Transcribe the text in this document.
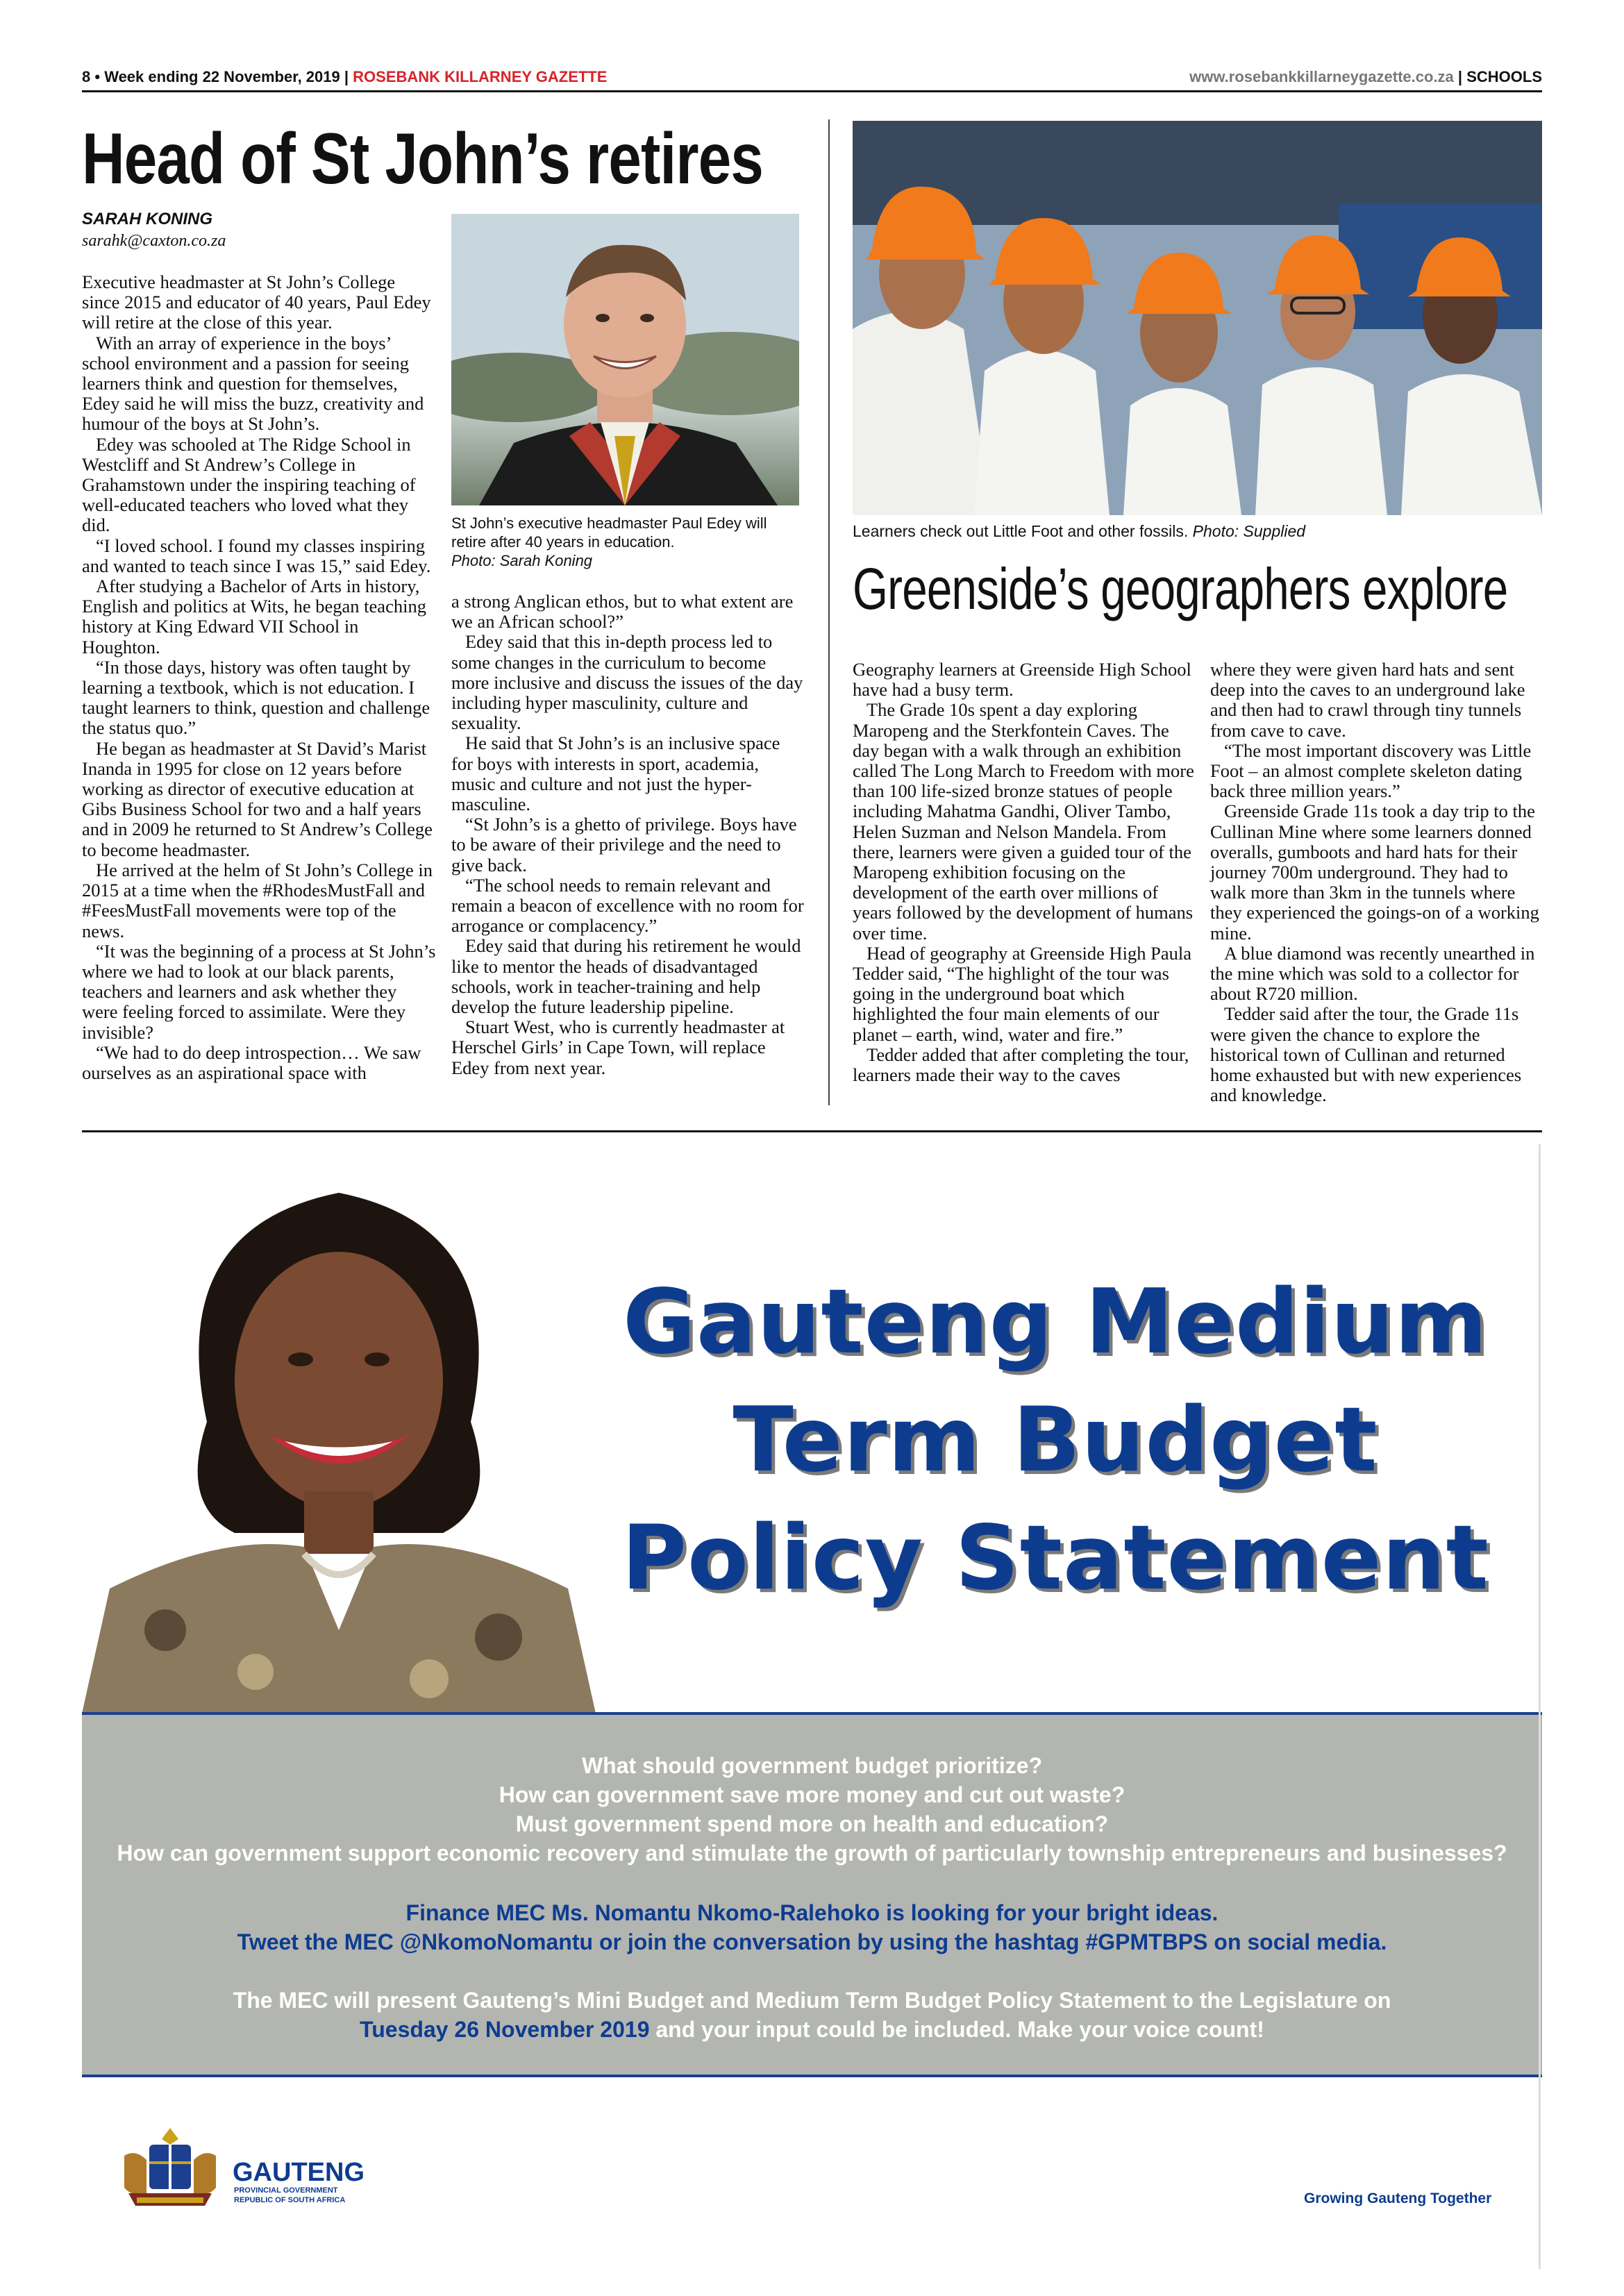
8 • Week ending 22 November, 2019 | ROSEBANK KILLARNEY GAZETTE	www.rosebankkillarneygazette.co.za | SCHOOLS
Head of St John’s retires
SARAH KONING
sarahk@caxton.co.za

Executive headmaster at St John’s College since 2015 and educator of 40 years, Paul Edey will retire at the close of this year.

With an array of experience in the boys’ school environment and a passion for seeing learners think and question for themselves, Edey said he will miss the buzz, creativity and humour of the boys at St John’s.

Edey was schooled at The Ridge School in Westcliff and St Andrew’s College in Grahamstown under the inspiring teaching of well-educated teachers who loved what they did.

“I loved school. I found my classes inspiring and wanted to teach since I was 15,” said Edey.

After studying a Bachelor of Arts in history, English and politics at Wits, he began teaching history at King Edward VII School in Houghton.

“In those days, history was often taught by learning a textbook, which is not education. I taught learners to think, question and challenge the status quo.”

He began as headmaster at St David’s Marist Inanda in 1995 for close on 12 years before working as director of executive education at Gibs Business School for two and a half years and in 2009 he returned to St Andrew’s College to become headmaster.

He arrived at the helm of St John’s College in 2015 at a time when the #RhodesMustFall and #FeesMustFall movements were top of the news.

“It was the beginning of a process at St John’s where we had to look at our black parents, teachers and learners and ask whether they were feeling forced to assimilate. Were they invisible?

“We had to do deep introspection… We saw ourselves as an aspirational space with

St John’s executive headmaster Paul Edey will retire after 40 years in education.
Photo: Sarah Koning

a strong Anglican ethos, but to what extent are we an African school?”

Edey said that this in-depth process led to some changes in the curriculum to become more inclusive and discuss the issues of the day including hyper masculinity, culture and sexuality.

He said that St John’s is an inclusive space for boys with interests in sport, academia, music and culture and not just the hyper-masculine.

“St John’s is a ghetto of privilege. Boys have to be aware of their privilege and the need to give back.

“The school needs to remain relevant and remain a beacon of excellence with no room for arrogance or complacency.”

Edey said that during his retirement he would like to mentor the heads of disadvantaged schools, work in teacher-training and help develop the future leadership pipeline.

Stuart West, who is currently headmaster at Herschel Girls’ in Cape Town, will replace Edey from next year.

Learners check out Little Foot and other fossils. Photo: Supplied
Greenside’s geographers explore

Geography learners at Greenside High School have had a busy term.

The Grade 10s spent a day exploring Maropeng and the Sterkfontein Caves. The day began with a walk through an exhibition called The Long March to Freedom with more than 100 life-sized bronze statues of people including Mahatma Gandhi, Oliver Tambo, Helen Suzman and Nelson Mandela. From there, learners were given a guided tour of the Maropeng exhibition focusing on the development of the earth over millions of years followed by the development of humans over time.

Head of geography at Greenside High Paula Tedder said, “The highlight of the tour was going in the underground boat which highlighted the four main elements of our planet – earth, wind, water and fire.”

Tedder added that after completing the tour, learners made their way to the caves

where they were given hard hats and sent deep into the caves to an underground lake and then had to crawl through tiny tunnels from cave to cave.

“The most important discovery was Little Foot – an almost complete skeleton dating back three million years.”

Greenside Grade 11s took a day trip to the Cullinan Mine where some learners donned overalls, gumboots and hard hats for their journey 700m underground. They had to walk more than 3km in the tunnels where they experienced the goings-on of a working mine.

A blue diamond was recently unearthed in the mine which was sold to a collector for about R720 million.

Tedder said after the tour, the Grade 11s were given the chance to explore the historical town of Cullinan and returned home exhausted but with new experiences and knowledge.

Gauteng Medium
Term Budget
Policy Statement
What should government budget prioritize?
How can government save more money and cut out waste?
Must government spend more on health and education?
How can government support economic recovery and stimulate the growth of particularly township entrepreneurs and businesses?
Finance MEC Ms. Nomantu Nkomo-Ralehoko is looking for your bright ideas.
Tweet the MEC @NkomoNomantu or join the conversation by using the hashtag #GPMTBPS on social media.
The MEC will present Gauteng’s Mini Budget and Medium Term Budget Policy Statement to the Legislature on
Tuesday 26 November 2019 and your input could be included. Make your voice count!
GAUTENG
PROVINCIAL GOVERNMENT
REPUBLIC OF SOUTH AFRICA	Growing Gauteng Together
